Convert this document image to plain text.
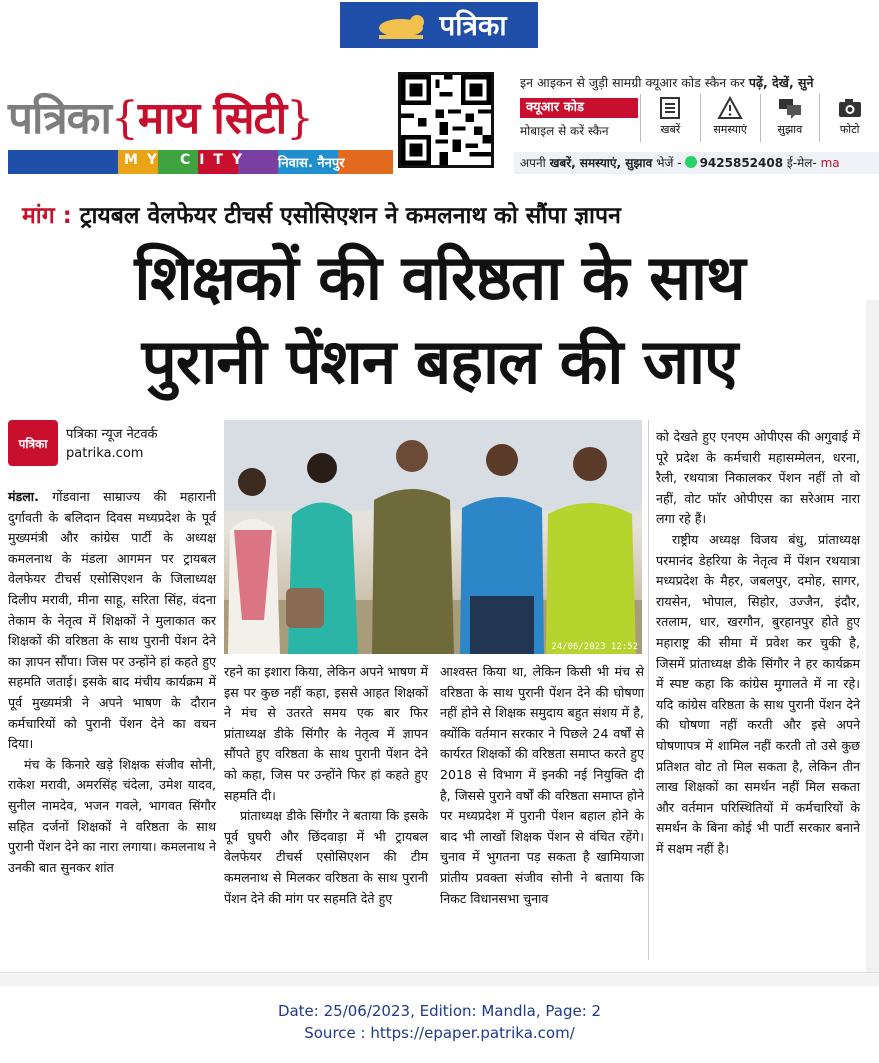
पत्रिका
पत्रिका{माय सिटी}
MY CITY निवास. नैनपुर
इन आइकन से जुड़ी सामग्री क्यूआर कोड स्कैन कर पढ़ें, देखें, सुने
क्यूआर कोड
मोबाइल से करें स्कैन	खबरें	समस्याएं	सुझाव	फोटो
अपनी खबरें, समस्याएं, सुझाव भेजें - 9425852408 ई-मेल- ma
मांग : ट्रायबल वेलफेयर टीचर्स एसोसिएशन ने कमलनाथ को सौंपा ज्ञापन
शिक्षकों की वरिष्ठता के साथ
पुरानी पेंशन बहाल की जाए
पत्रिका
पत्रिका न्यूज नेटवर्क
patrika.com
24/06/2023 12:52

मंडला. गोंडवाना साम्राज्य की महारानी दुर्गावती के बलिदान दिवस मध्यप्रदेश के पूर्व मुख्यमंत्री और कांग्रेस पार्टी के अध्यक्ष कमलनाथ के मंडला आगमन पर ट्रायबल वेलफेयर टीचर्स एसोसिएशन के जिलाध्यक्ष दिलीप मरावी, मीना साहू, सरिता सिंह, वंदना तेकाम के नेतृत्व में शिक्षकों ने मुलाकात कर शिक्षकों की वरिष्ठता के साथ पुरानी पेंशन देने का ज्ञापन सौंपा। जिस पर उन्होंने हां कहते हुए सहमति जताई। इसके बाद मंचीय कार्यक्रम में पूर्व मुख्यमंत्री ने अपने भाषण के दौरान कर्मचारियों को पुरानी पेंशन देने का वचन दिया।

मंच के किनारे खड़े शिक्षक संजीव सोनी, राकेश मरावी, अमरसिंह चंदेला, उमेश यादव, सुनील नामदेव, भजन गवले, भागवत सिंगौर सहित दर्जनों शिक्षकों ने वरिष्ठता के साथ पुरानी पेंशन देने का नारा लगाया। कमलनाथ ने उनकी बात सुनकर शांत

रहने का इशारा किया, लेकिन अपने भाषण में इस पर कुछ नहीं कहा, इससे आहत शिक्षकों ने मंच से उतरते समय एक बार फिर प्रांताध्यक्ष डीके सिंगौर के नेतृत्व में ज्ञापन सौंपते हुए वरिष्ठता के साथ पुरानी पेंशन देने को कहा, जिस पर उन्होंने फिर हां कहते हुए सहमति दी।

प्रांताध्यक्ष डीके सिंगौर ने बताया कि इसके पूर्व घुघरी और छिंदवाड़ा में भी ट्रायबल वेलफेयर टीचर्स एसोसिएशन की टीम कमलनाथ से मिलकर वरिष्ठता के साथ पुरानी पेंशन देने की मांग पर सहमति देते हुए

आश्वस्त किया था, लेकिन किसी भी मंच से वरिष्ठता के साथ पुरानी पेंशन देने की घोषणा नहीं होने से शिक्षक समुदाय बहुत संशय में है, क्योंकि वर्तमान सरकार ने पिछले 24 वर्षों से कार्यरत शिक्षकों की वरिष्ठता समाप्त करते हुए 2018 से विभाग में इनकी नई नियुक्ति दी है, जिससे पुराने वर्षों की वरिष्ठता समाप्त होने पर मध्यप्रदेश में पुरानी पेंशन बहाल होने के बाद भी लाखों शिक्षक पेंशन से वंचित रहेंगे। चुनाव में भुगतना पड़ सकता है खामियाजा प्रांतीय प्रवक्ता संजीव सोनी ने बताया कि निकट विधानसभा चुनाव

को देखते हुए एनएम ओपीएस की अगुवाई में पूरे प्रदेश के कर्मचारी महासम्मेलन, धरना, रैली, रथयात्रा निकालकर पेंशन नहीं तो वो नहीं, वोट फॉर ओपीएस का सरेआम नारा लगा रहे हैं।

राष्ट्रीय अध्यक्ष विजय बंधु, प्रांताध्यक्ष परमानंद डेहरिया के नेतृत्व में पेंशन रथयात्रा मध्यप्रदेश के मैहर, जबलपुर, दमोह, सागर, रायसेन, भोपाल, सिहोर, उज्जैन, इंदौर, रतलाम, धार, खरगौन, बुरहानपुर होते हुए महाराष्ट्र की सीमा में प्रवेश कर चुकी है, जिसमें प्रांताध्यक्ष डीके सिंगौर ने हर कार्यक्रम में स्पष्ट कहा कि कांग्रेस मुगालते में ना रहे। यदि कांग्रेस वरिष्ठता के साथ पुरानी पेंशन देने की घोषणा नहीं करती और इसे अपने घोषणापत्र में शामिल नहीं करती तो उसे कुछ प्रतिशत वोट तो मिल सकता है, लेकिन तीन लाख शिक्षकों का समर्थन नहीं मिल सकता और वर्तमान परिस्थितियों में कर्मचारियों के समर्थन के बिना कोई भी पार्टी सरकार बनाने में सक्षम नहीं है।

Date: 25/06/2023, Edition: Mandla, Page: 2
Source : https://epaper.patrika.com/
